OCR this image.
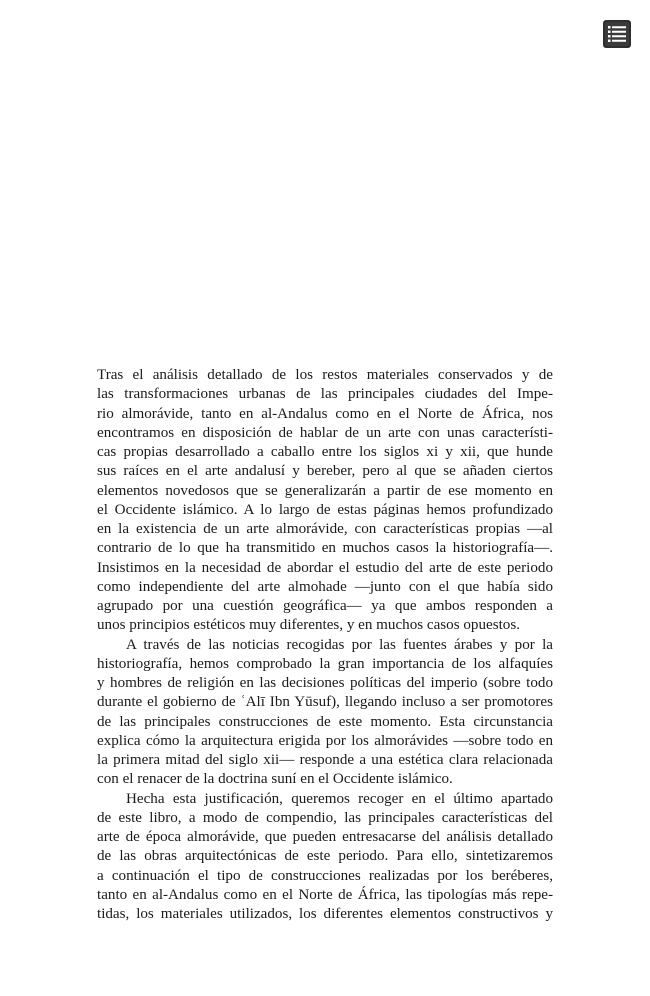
Tras el análisis detallado de los restos materiales conservados y de
las transformaciones urbanas de las principales ciudades del Impe-
rio almorávide, tanto en al-Andalus como en el Norte de África, nos
encontramos en disposición de hablar de un arte con unas característi-
cas propias desarrollado a caballo entre los siglos xi y xii, que hunde
sus raíces en el arte andalusí y bereber, pero al que se añaden ciertos
elementos novedosos que se generalizarán a partir de ese momento en
el Occidente islámico. A lo largo de estas páginas hemos profundizado
en la existencia de un arte almorávide, con características propias —al
contrario de lo que ha transmitido en muchos casos la historiografía—.
Insistimos en la necesidad de abordar el estudio del arte de este periodo
como independiente del arte almohade —junto con el que había sido
agrupado por una cuestión geográfica— ya que ambos responden a
unos principios estéticos muy diferentes, y en muchos casos opuestos.
A través de las noticias recogidas por las fuentes árabes y por la
historiografía, hemos comprobado la gran importancia de los alfaquíes
y hombres de religión en las decisiones políticas del imperio (sobre todo
durante el gobierno de ʿAlī Ibn Yūsuf), llegando incluso a ser promotores
de las principales construcciones de este momento. Esta circunstancia
explica cómo la arquitectura erigida por los almorávides —sobre todo en
la primera mitad del siglo xii— responde a una estética clara relacionada
con el renacer de la doctrina suní en el Occidente islámico.
Hecha esta justificación, queremos recoger en el último apartado
de este libro, a modo de compendio, las principales características del
arte de época almorávide, que pueden entresacarse del análisis detallado
de las obras arquitectónicas de este periodo. Para ello, sintetizaremos
a continuación el tipo de construcciones realizadas por los beréberes,
tanto en al-Andalus como en el Norte de África, las tipologías más repe-
tidas, los materiales utilizados, los diferentes elementos constructivos y
